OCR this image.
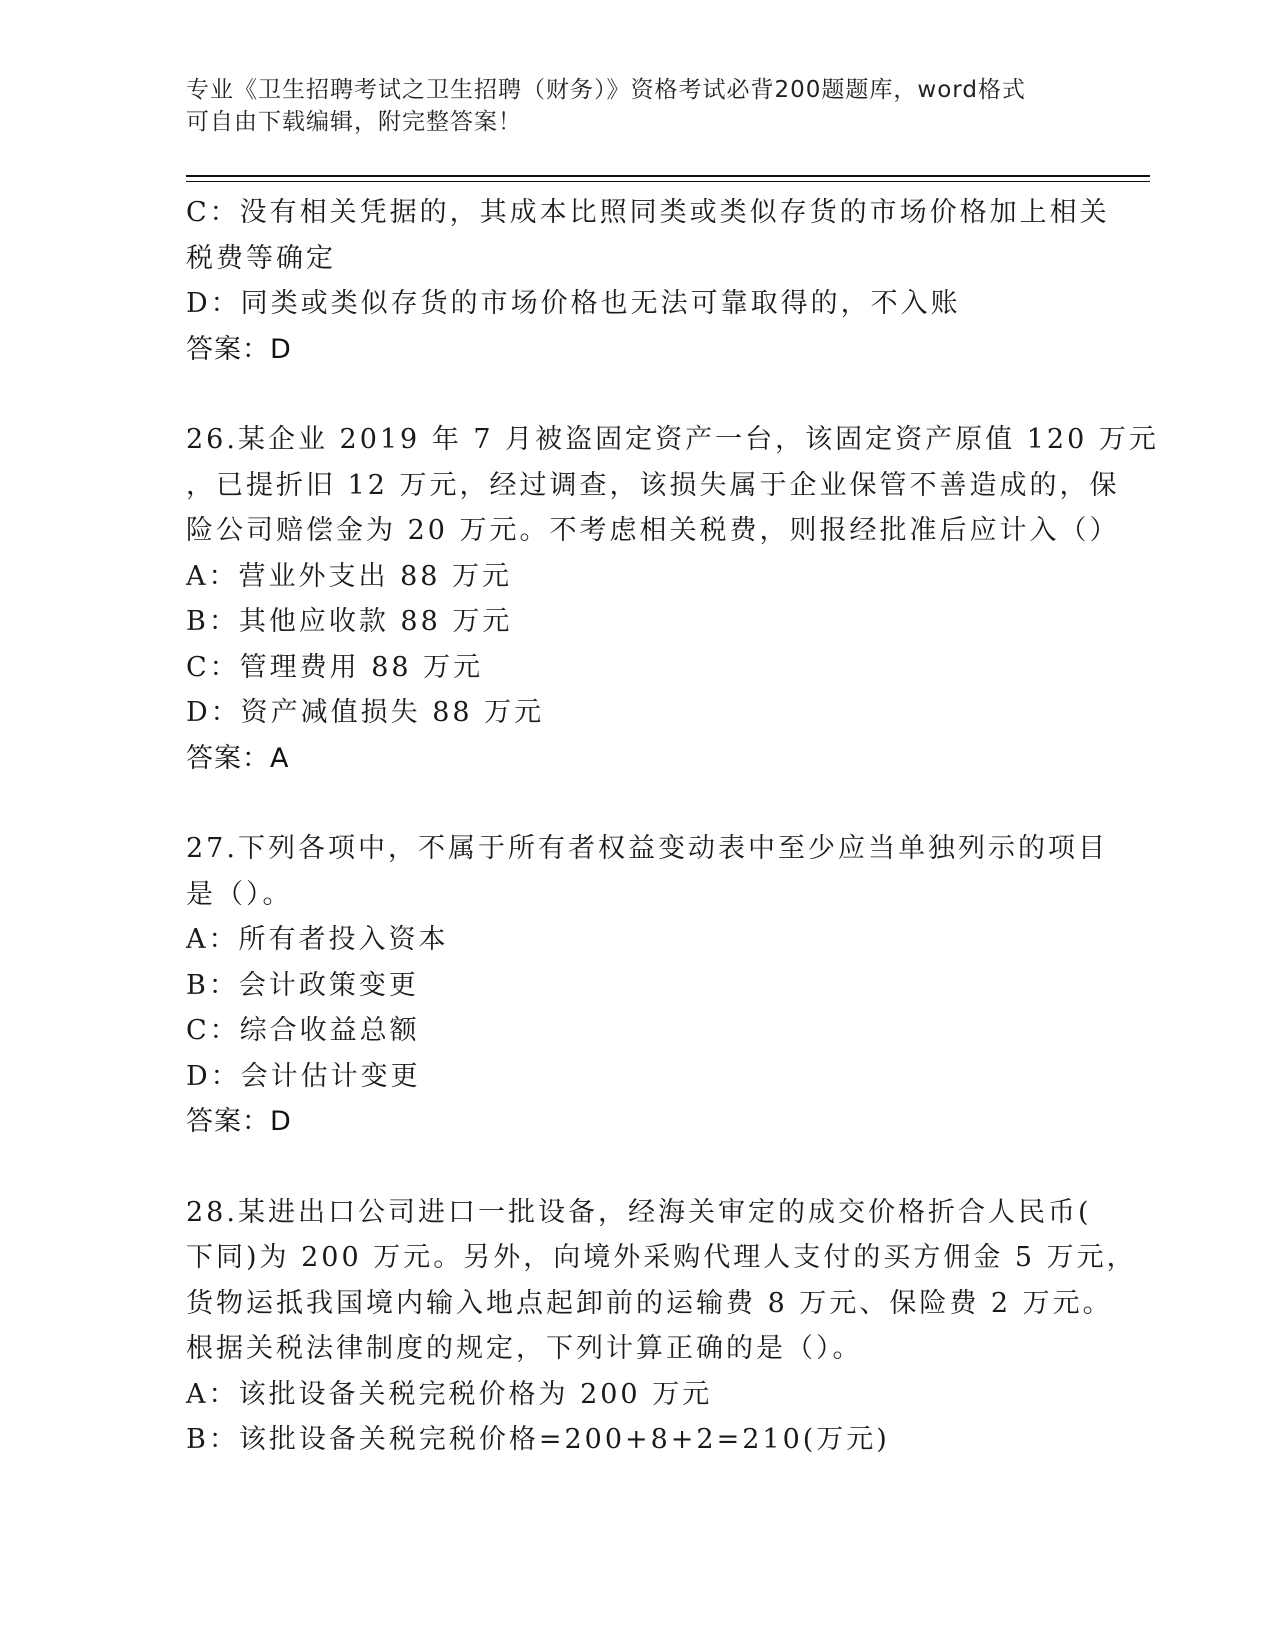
专业《卫生招聘考试之卫生招聘（财务）》资格考试必背200题题库，word格式
可自由下载编辑，附完整答案！
C：没有相关凭据的，其成本比照同类或类似存货的市场价格加上相关
税费等确定
D：同类或类似存货的市场价格也无法可靠取得的，不入账
答案：D
26.某企业 2019 年 7 月被盗固定资产一台，该固定资产原值 120 万元
，已提折旧 12 万元，经过调查，该损失属于企业保管不善造成的，保
险公司赔偿金为 20 万元。不考虑相关税费，则报经批准后应计入（）
A：营业外支出 88 万元
B：其他应收款 88 万元
C：管理费用 88 万元
D：资产减值损失 88 万元
答案：A
27.下列各项中，不属于所有者权益变动表中至少应当单独列示的项目
是（）。
A：所有者投入资本
B：会计政策变更
C：综合收益总额
D：会计估计变更
答案：D
28.某进出口公司进口一批设备，经海关审定的成交价格折合人民币(
下同)为 200 万元。另外，向境外采购代理人支付的买方佣金 5 万元，
货物运抵我国境内输入地点起卸前的运输费 8 万元、保险费 2 万元。
根据关税法律制度的规定，下列计算正确的是（）。
A：该批设备关税完税价格为 200 万元
B：该批设备关税完税价格=200+8+2=210(万元)
